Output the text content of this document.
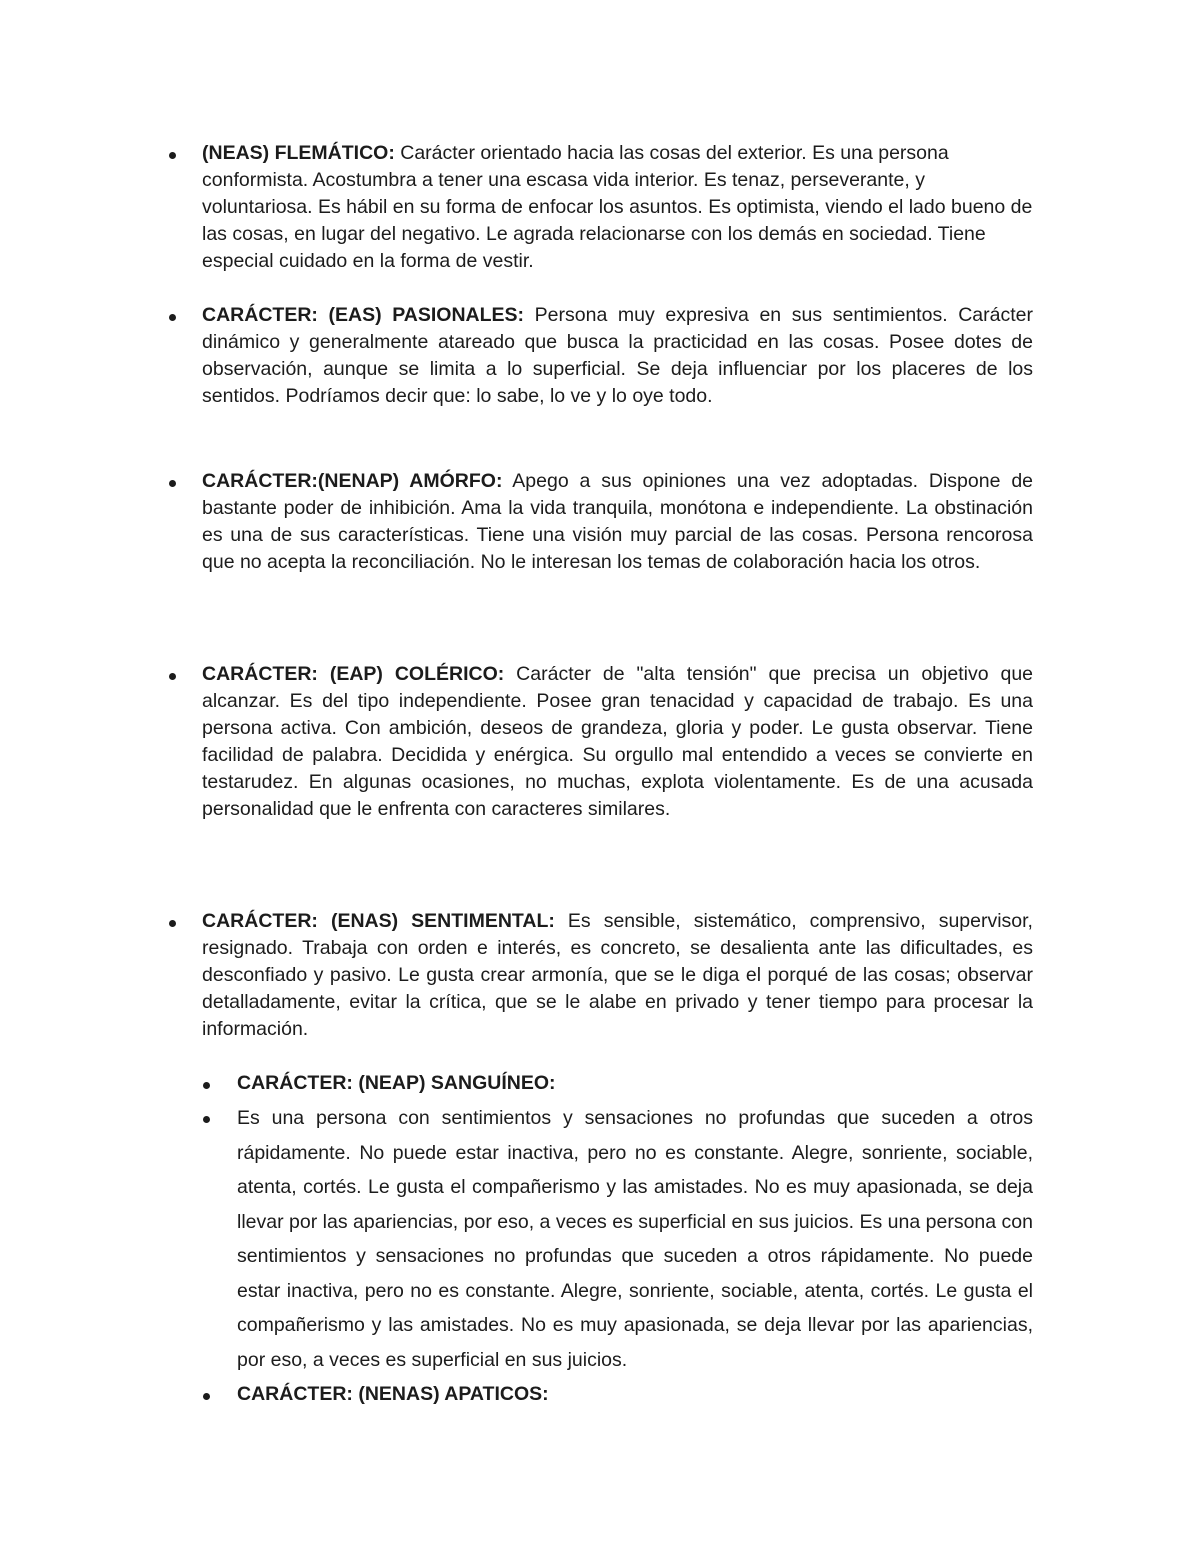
(NEAS) FLEMÁTICO: Carácter orientado hacia las cosas del exterior. Es una persona conformista. Acostumbra a tener una escasa vida interior. Es tenaz, perseverante, y voluntariosa. Es hábil en su forma de enfocar los asuntos. Es optimista, viendo el lado bueno de las cosas, en lugar del negativo. Le agrada relacionarse con los demás en sociedad. Tiene especial cuidado en la forma de vestir.

CARÁCTER: (EAS) PASIONALES: Persona muy expresiva en sus sentimientos. Carácter dinámico y generalmente atareado que busca la practicidad en las cosas. Posee dotes de observación, aunque se limita a lo superficial. Se deja influenciar por los placeres de los sentidos. Podríamos decir que: lo sabe, lo ve y lo oye todo.

CARÁCTER:(NENAP) AMÓRFO: Apego a sus opiniones una vez adoptadas. Dispone de bastante poder de inhibición. Ama la vida tranquila, monótona e independiente. La obstinación es una de sus características. Tiene una visión muy parcial de las cosas. Persona rencorosa que no acepta la reconciliación. No le interesan los temas de colaboración hacia los otros.

CARÁCTER: (EAP) COLÉRICO: Carácter de "alta tensión" que precisa un objetivo que alcanzar. Es del tipo independiente. Posee gran tenacidad y capacidad de trabajo. Es una persona activa. Con ambición, deseos de grandeza, gloria y poder. Le gusta observar. Tiene facilidad de palabra. Decidida y enérgica. Su orgullo mal entendido a veces se convierte en testarudez. En algunas ocasiones, no muchas, explota violentamente. Es de una acusada personalidad que le enfrenta con caracteres similares.

CARÁCTER: (ENAS) SENTIMENTAL: Es sensible, sistemático, comprensivo, supervisor, resignado. Trabaja con orden e interés, es concreto, se desalienta ante las dificultades, es desconfiado y pasivo. Le gusta crear armonía, que se le diga el porqué de las cosas; observar detalladamente, evitar la crítica, que se le alabe en privado y tener tiempo para procesar la información.

CARÁCTER: (NEAP) SANGUÍNEO:

Es una persona con sentimientos y sensaciones no profundas que suceden a otros rápidamente. No puede estar inactiva, pero no es constante. Alegre, sonriente, sociable, atenta, cortés. Le gusta el compañerismo y las amistades. No es muy apasionada, se deja llevar por las apariencias, por eso, a veces es superficial en sus juicios. Es una persona con sentimientos y sensaciones no profundas que suceden a otros rápidamente. No puede estar inactiva, pero no es constante. Alegre, sonriente, sociable, atenta, cortés. Le gusta el compañerismo y las amistades. No es muy apasionada, se deja llevar por las apariencias, por eso, a veces es superficial en sus juicios.

CARÁCTER: (NENAS) APATICOS:
